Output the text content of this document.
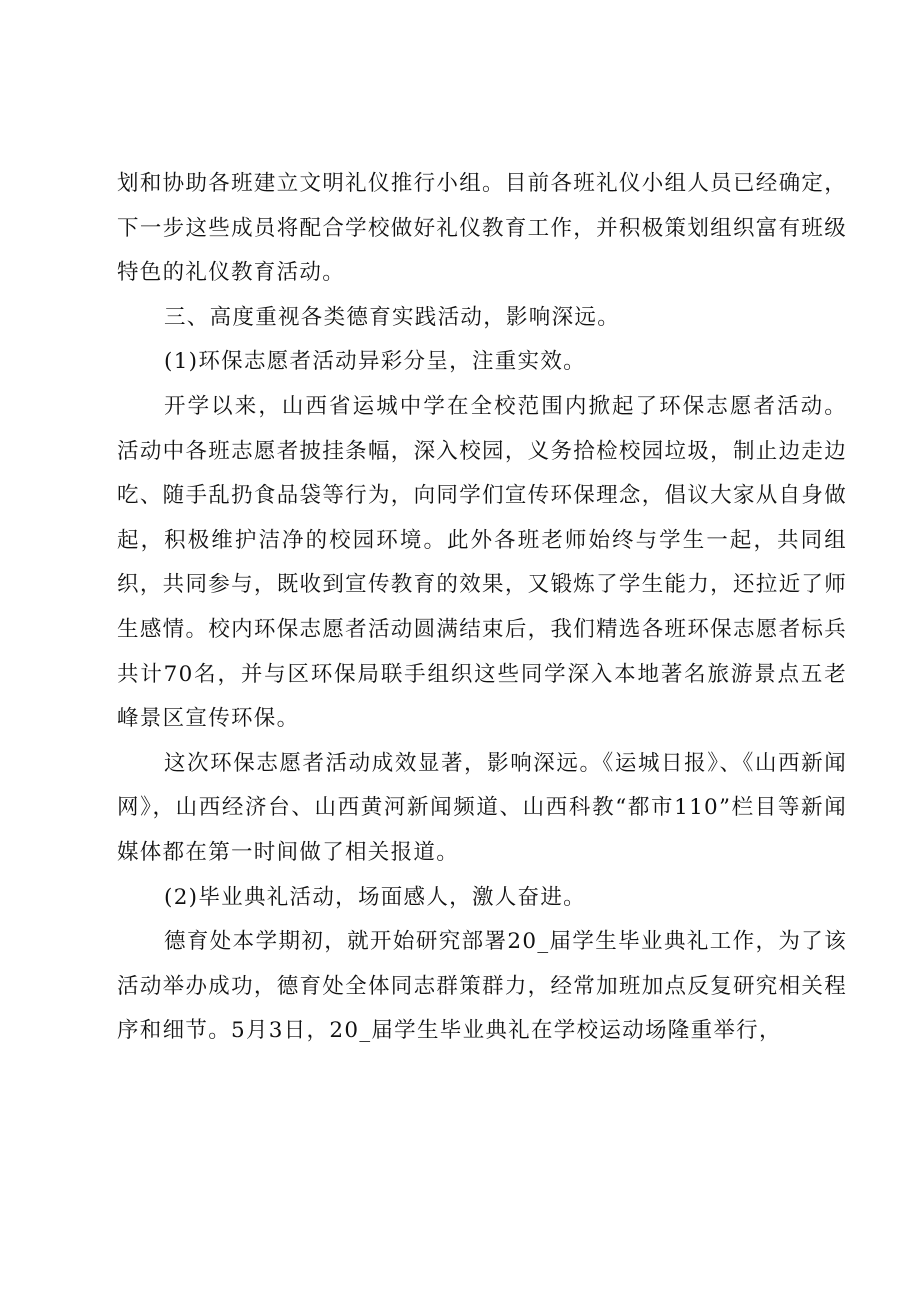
划和协助各班建立文明礼仪推行小组。目前各班礼仪小组人员已经确定，下一步这些成员将配合学校做好礼仪教育工作，并积极策划组织富有班级特色的礼仪教育活动。

三、高度重视各类德育实践活动，影响深远。

(1)环保志愿者活动异彩分呈，注重实效。

开学以来，山西省运城中学在全校范围内掀起了环保志愿者活动。活动中各班志愿者披挂条幅，深入校园，义务拾检校园垃圾，制止边走边吃、随手乱扔食品袋等行为，向同学们宣传环保理念，倡议大家从自身做起，积极维护洁净的校园环境。此外各班老师始终与学生一起，共同组织，共同参与，既收到宣传教育的效果，又锻炼了学生能力，还拉近了师生感情。校内环保志愿者活动圆满结束后，我们精选各班环保志愿者标兵共计70名，并与区环保局联手组织这些同学深入本地著名旅游景点五老峰景区宣传环保。

这次环保志愿者活动成效显著，影响深远。《运城日报》、《山西新闻网》，山西经济台、山西黄河新闻频道、山西科教“都市110”栏目等新闻媒体都在第一时间做了相关报道。

(2)毕业典礼活动，场面感人，激人奋进。

德育处本学期初，就开始研究部署20_届学生毕业典礼工作，为了该活动举办成功，德育处全体同志群策群力，经常加班加点反复研究相关程序和细节。5月3日，20_届学生毕业典礼在学校运动场隆重举行，
